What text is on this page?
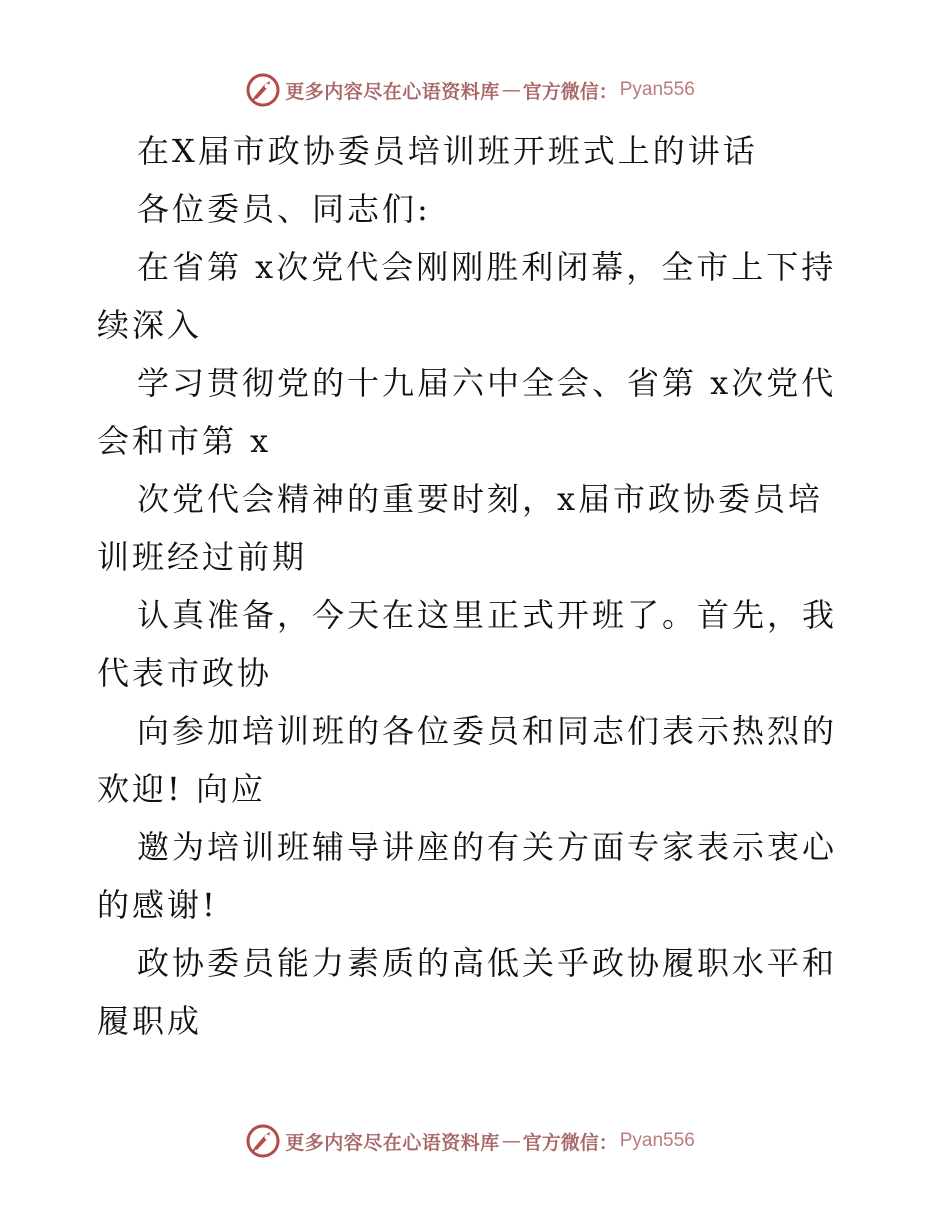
更多内容尽在心语资料库 — 官方微信： Pyan556

在X届市政协委员培训班开班式上的讲话

各位委员、同志们:

在省第 x次党代会刚刚胜利闭幕，全市上下持续深入

学习贯彻党的十九届六中全会、省第 x次党代会和市第 x

次党代会精神的重要时刻，x届市政协委员培训班经过前期

认真准备，今天在这里正式开班了。首先，我代表市政协

向参加培训班的各位委员和同志们表示热烈的欢迎! 向应

邀为培训班辅导讲座的有关方面专家表示衷心的感谢!

政协委员能力素质的高低关乎政协履职水平和履职成

更多内容尽在心语资料库 — 官方微信： Pyan556
